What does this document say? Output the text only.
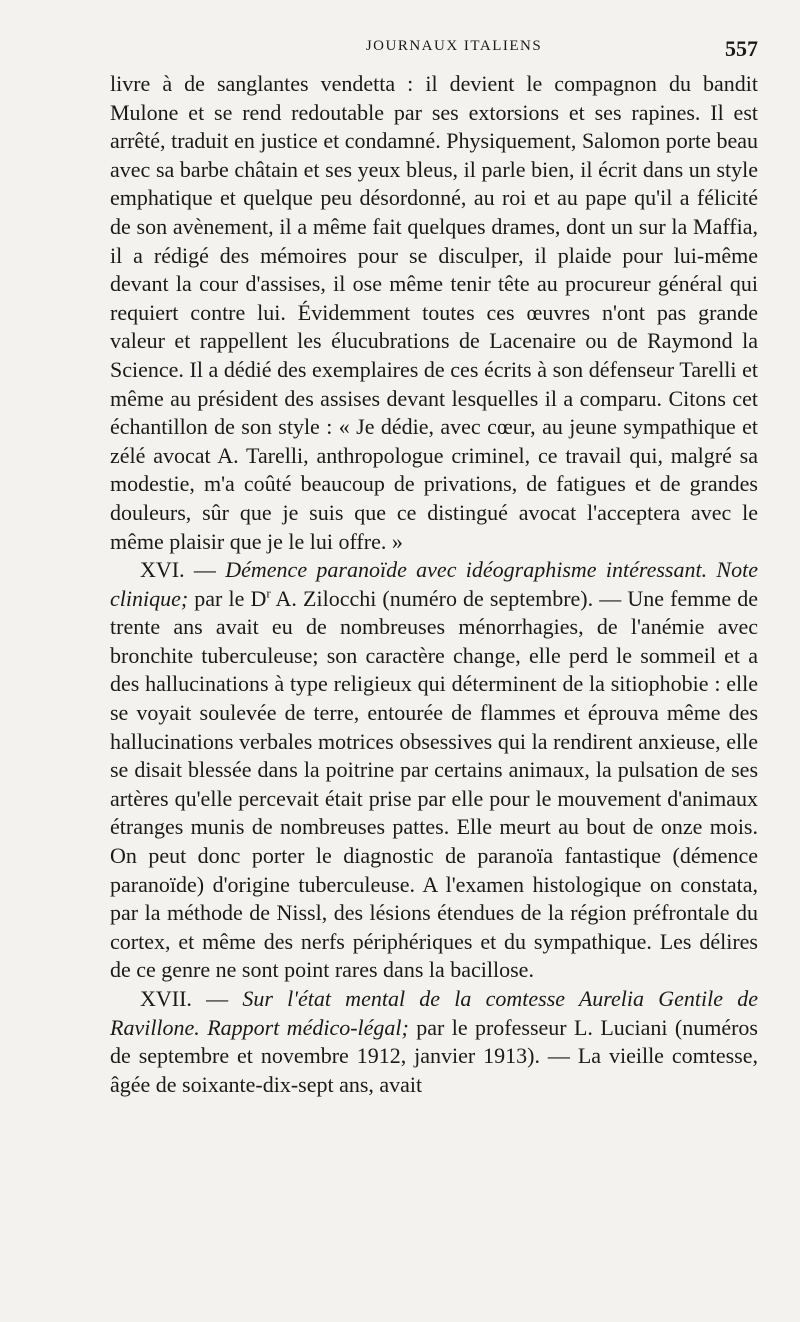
JOURNAUX ITALIENS	557

livre à de sanglantes vendetta : il devient le compagnon du bandit Mulone et se rend redoutable par ses extorsions et ses rapines. Il est arrêté, traduit en justice et condamné. Physiquement, Salomon porte beau avec sa barbe châtain et ses yeux bleus, il parle bien, il écrit dans un style emphatique et quelque peu désordonné, au roi et au pape qu'il a félicité de son avènement, il a même fait quelques drames, dont un sur la Maffia, il a rédigé des mémoires pour se disculper, il plaide pour lui-même devant la cour d'assises, il ose même tenir tête au procureur général qui requiert contre lui. Évidemment toutes ces œuvres n'ont pas grande valeur et rappellent les élucubrations de Lacenaire ou de Raymond la Science. Il a dédié des exemplaires de ces écrits à son défenseur Tarelli et même au président des assises devant lesquelles il a comparu. Citons cet échantillon de son style : « Je dédie, avec cœur, au jeune sympathique et zélé avocat A. Tarelli, anthropologue criminel, ce travail qui, malgré sa modestie, m'a coûté beaucoup de privations, de fatigues et de grandes douleurs, sûr que je suis que ce distingué avocat l'acceptera avec le même plaisir que je le lui offre. »

XVI. — Démence paranoïde avec idéographisme intéressant. Note clinique; par le $D^r$ A. Zilocchi (numéro de septembre). — Une femme de trente ans avait eu de nombreuses ménorrhagies, de l'anémie avec bronchite tuberculeuse; son caractère change, elle perd le sommeil et a des hallucinations à type religieux qui déterminent de la sitiophobie : elle se voyait soulevée de terre, entourée de flammes et éprouva même des hallucinations verbales motrices obsessives qui la rendirent anxieuse, elle se disait blessée dans la poitrine par certains animaux, la pulsation de ses artères qu'elle percevait était prise par elle pour le mouvement d'animaux étranges munis de nombreuses pattes. Elle meurt au bout de onze mois. On peut donc porter le diagnostic de paranoïa fantastique (démence paranoïde) d'origine tuberculeuse. A l'examen histologique on constata, par la méthode de Nissl, des lésions étendues de la région préfrontale du cortex, et même des nerfs périphériques et du sympathique. Les délires de ce genre ne sont point rares dans la bacillose.

XVII. — Sur l'état mental de la comtesse Aurelia Gentile de Ravillone. Rapport médico-légal; par le professeur L. Luciani (numéros de septembre et novembre 1912, janvier 1913). — La vieille comtesse, âgée de soixante-dix-sept ans, avait
